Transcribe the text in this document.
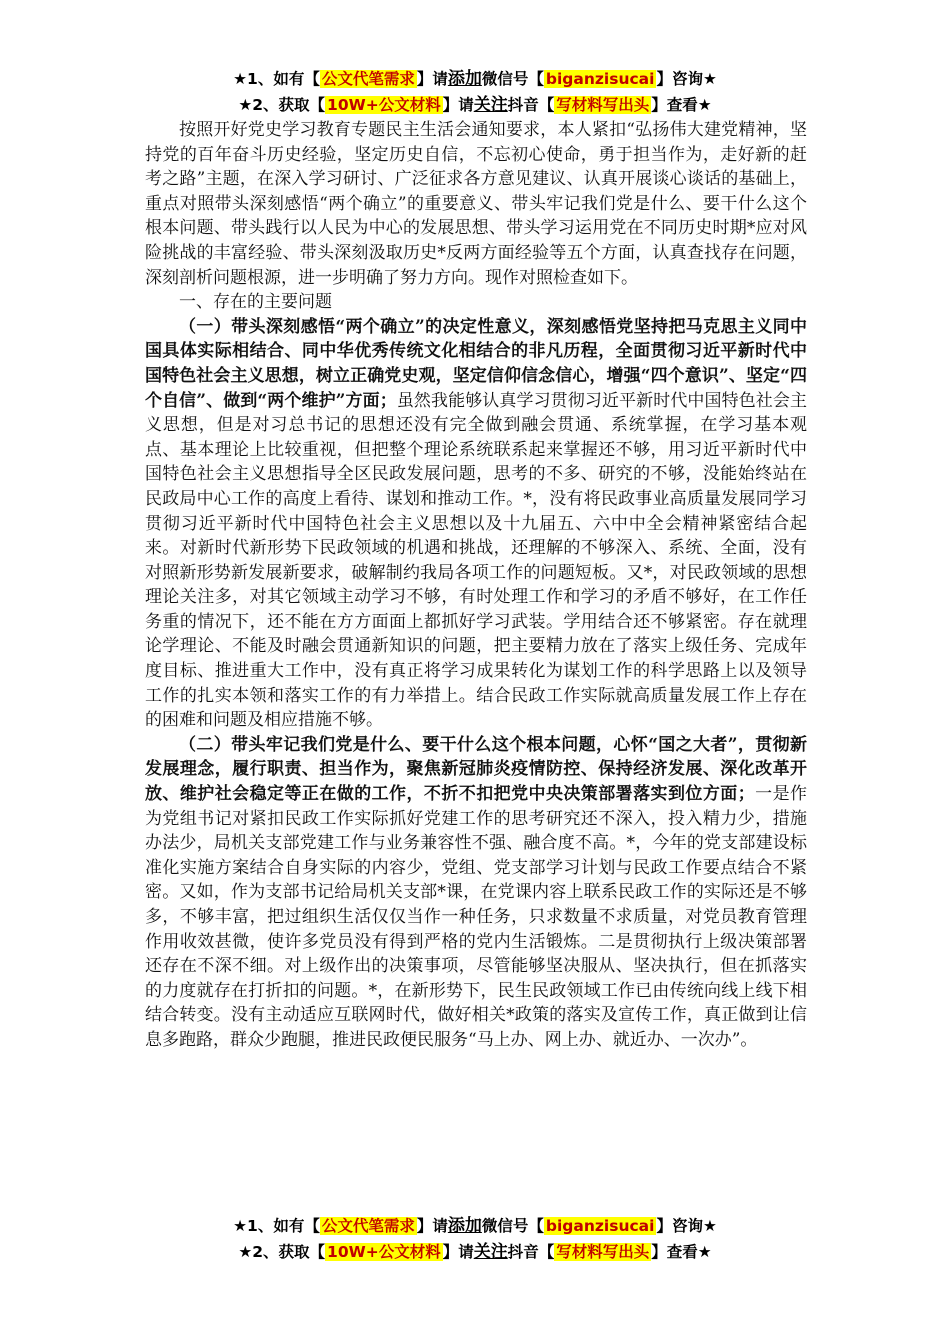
★1、如有【 公文代笔需求 】请添加微信号【 biganzisucai 】咨询★
★2、获取【 10W+公文材料 】请关注抖音【 写材料写出头 】查看★

按照开好党史学习教育专题民主生活会通知要求，本人紧扣“弘扬伟大建党精神，坚持党的百年奋斗历史经验，坚定历史自信，不忘初心使命，勇于担当作为，走好新的赶考之路”主题，在深入学习研讨、广泛征求各方意见建议、认真开展谈心谈话的基础上，重点对照带头深刻感悟“两个确立”的重要意义、带头牢记我们党是什么、要干什么这个根本问题、带头践行以人民为中心的发展思想、带头学习运用党在不同历史时期*应对风险挑战的丰富经验、带头深刻汲取历史*反两方面经验等五个方面，认真查找存在问题，深刻剖析问题根源，进一步明确了努力方向。现作对照检查如下。

一、存在的主要问题

（一）带头深刻感悟“两个确立”的决定性意义，深刻感悟党坚持把马克思主义同中国具体实际相结合、同中华优秀传统文化相结合的非凡历程，全面贯彻习近平新时代中国特色社会主义思想，树立正确党史观，坚定信仰信念信心，增强“四个意识”、坚定“四个自信”、做到“两个维护”方面；虽然我能够认真学习贯彻习近平新时代中国特色社会主义思想，但是对习总书记的思想还没有完全做到融会贯通、系统掌握，在学习基本观点、基本理论上比较重视，但把整个理论系统联系起来掌握还不够，用习近平新时代中国特色社会主义思想指导全区民政发展问题，思考的不多、研究的不够，没能始终站在民政局中心工作的高度上看待、谋划和推动工作。*，没有将民政事业高质量发展同学习贯彻习近平新时代中国特色社会主义思想以及十九届五、六中中全会精神紧密结合起来。对新时代新形势下民政领域的机遇和挑战，还理解的不够深入、系统、全面，没有对照新形势新发展新要求，破解制约我局各项工作的问题短板。又*，对民政领域的思想理论关注多，对其它领域主动学习不够，有时处理工作和学习的矛盾不够好，在工作任务重的情况下，还不能在方方面面上都抓好学习武装。学用结合还不够紧密。存在就理论学理论、不能及时融会贯通新知识的问题，把主要精力放在了落实上级任务、完成年度目标、推进重大工作中，没有真正将学习成果转化为谋划工作的科学思路上以及领导工作的扎实本领和落实工作的有力举措上。结合民政工作实际就高质量发展工作上存在的困难和问题及相应措施不够。

（二）带头牢记我们党是什么、要干什么这个根本问题，心怀“国之大者”，贯彻新发展理念，履行职责、担当作为，聚焦新冠肺炎疫情防控、保持经济发展、深化改革开放、维护社会稳定等正在做的工作，不折不扣把党中央决策部署落实到位方面；一是作为党组书记对紧扣民政工作实际抓好党建工作的思考研究还不深入，投入精力少，措施办法少，局机关支部党建工作与业务兼容性不强、融合度不高。*，今年的党支部建设标准化实施方案结合自身实际的内容少，党组、党支部学习计划与民政工作要点结合不紧密。又如，作为支部书记给局机关支部*课，在党课内容上联系民政工作的实际还是不够多，不够丰富，把过组织生活仅仅当作一种任务，只求数量不求质量，对党员教育管理作用收效甚微，使许多党员没有得到严格的党内生活锻炼。二是贯彻执行上级决策部署还存在不深不细。对上级作出的决策事项，尽管能够坚决服从、坚决执行，但在抓落实的力度就存在打折扣的问题。*，在新形势下，民生民政领域工作已由传统向线上线下相结合转变。没有主动适应互联网时代，做好相关*政策的落实及宣传工作，真正做到让信息多跑路，群众少跑腿，推进民政便民服务“马上办、网上办、就近办、一次办”。

★1、如有【 公文代笔需求 】请添加微信号【 biganzisucai 】咨询★
★2、获取【 10W+公文材料 】请关注抖音【 写材料写出头 】查看★
